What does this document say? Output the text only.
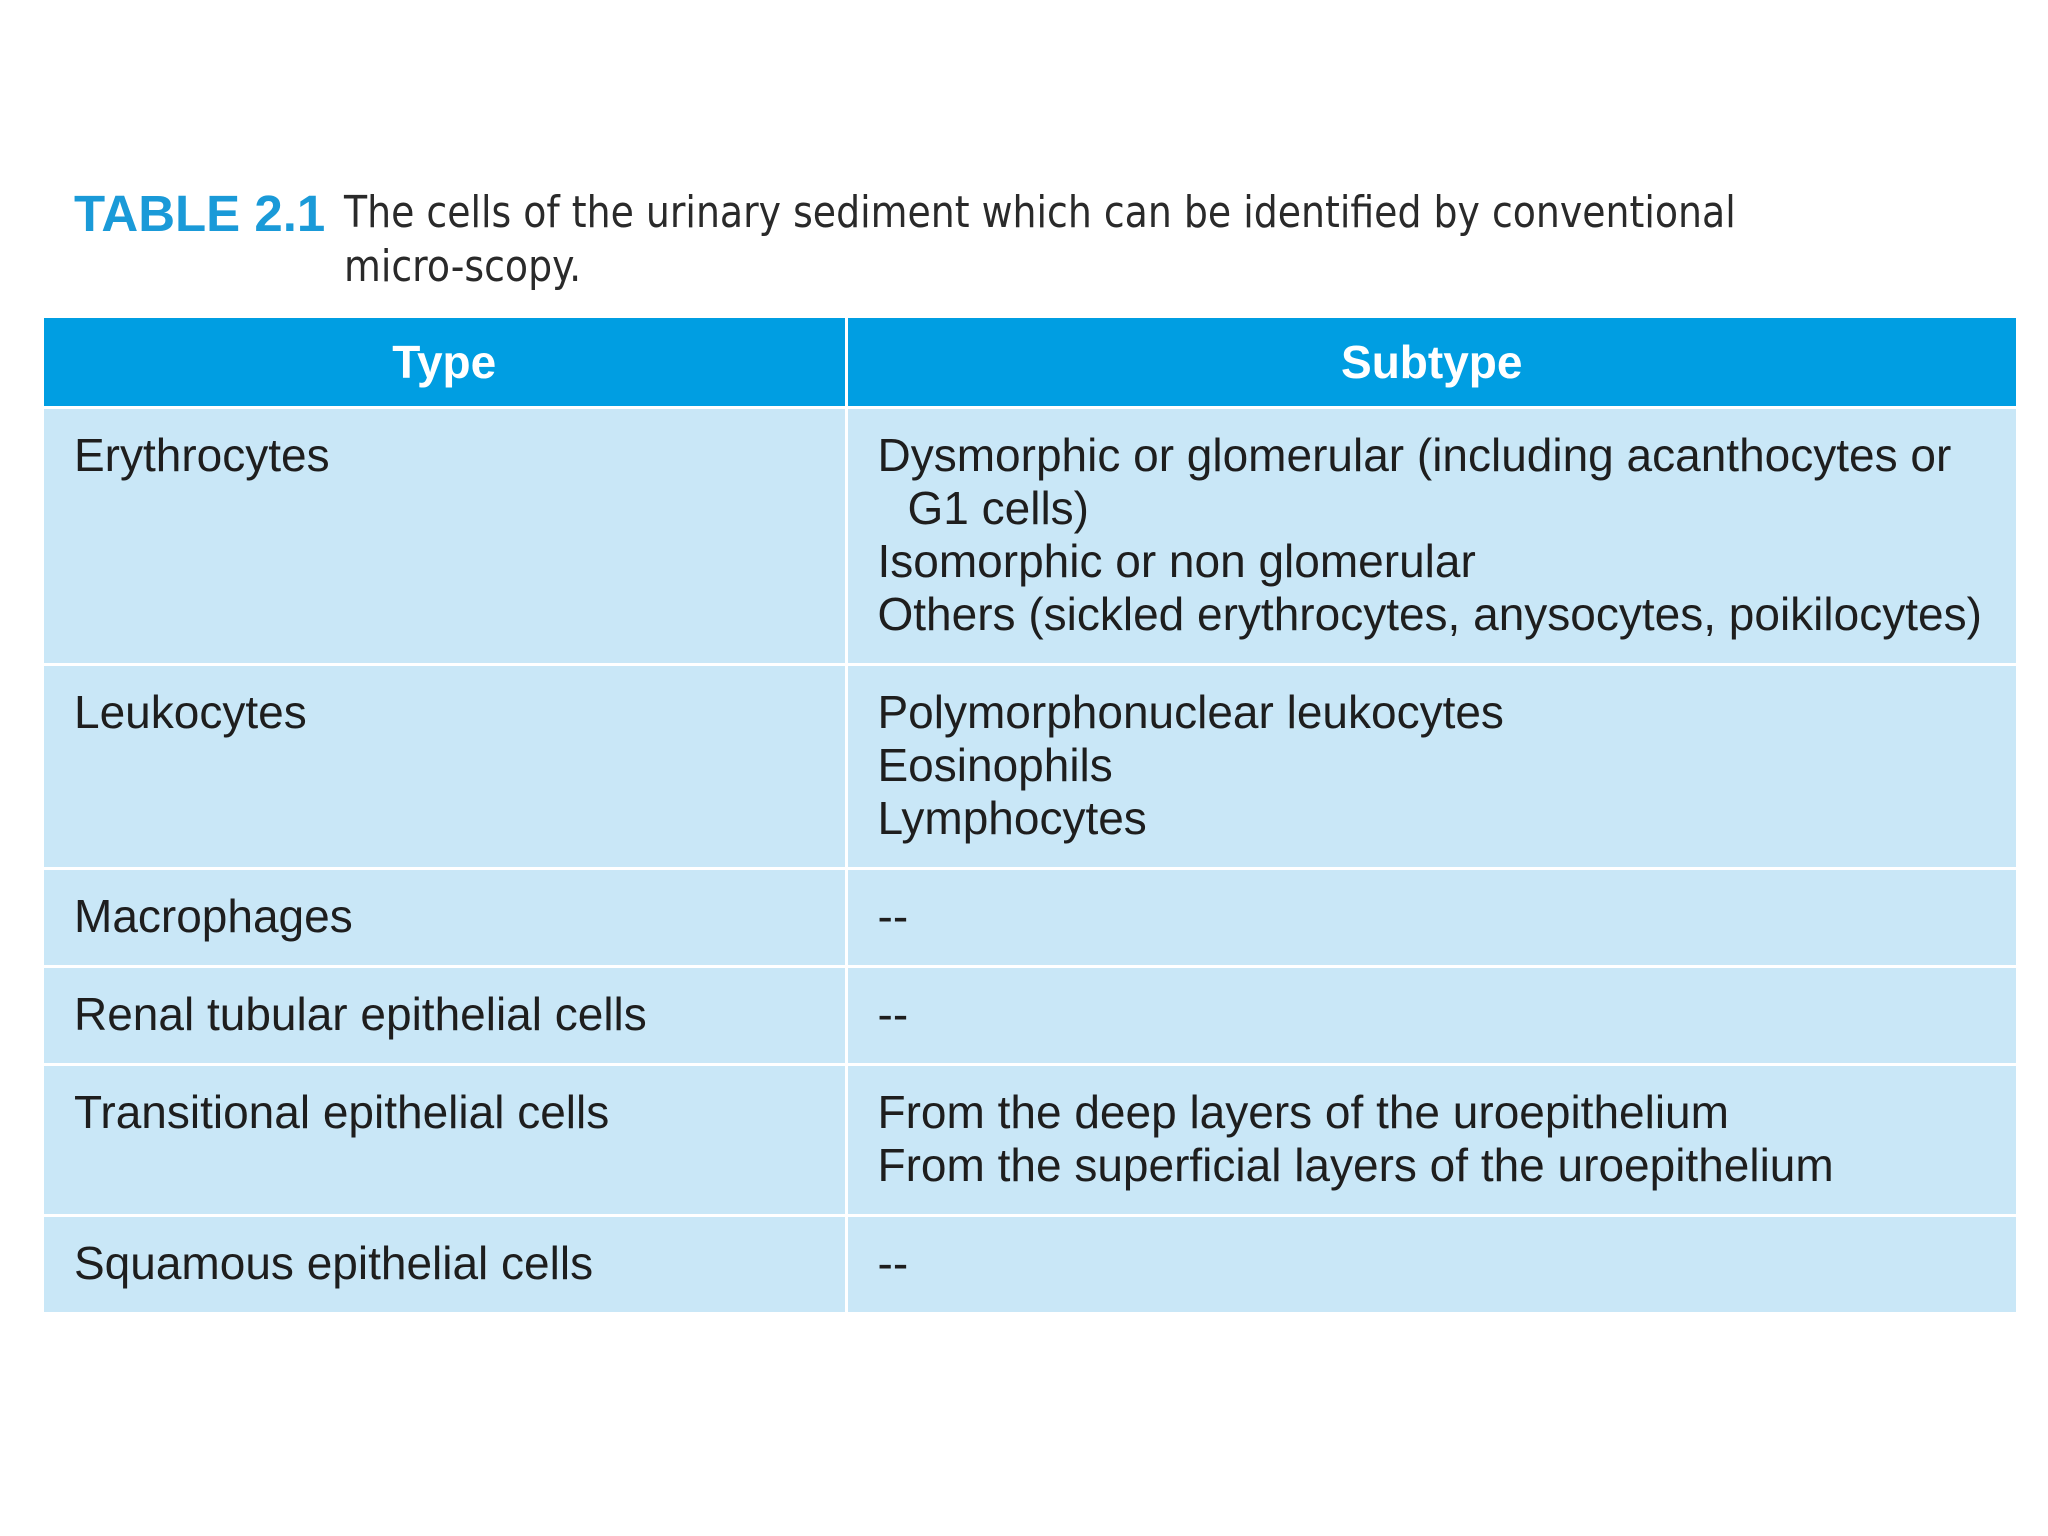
TABLE 2.1 The cells of the urinary sediment which can be identified by conventional micro-scopy.
Type	Subtype
Erythrocytes	Dysmorphic or glomerular (including acanthocytes or G1 cells)
Isomorphic or non glomerular
Others (sickled erythrocytes, anysocytes, poikilocytes)

Leukocytes	Polymorphonuclear leukocytes
Eosinophils
Lymphocytes

Macrophages	--

Renal tubular epithelial cells	--

Transitional epithelial cells	From the deep layers of the uroepithelium
From the superficial layers of the uroepithelium

Squamous epithelial cells	--
